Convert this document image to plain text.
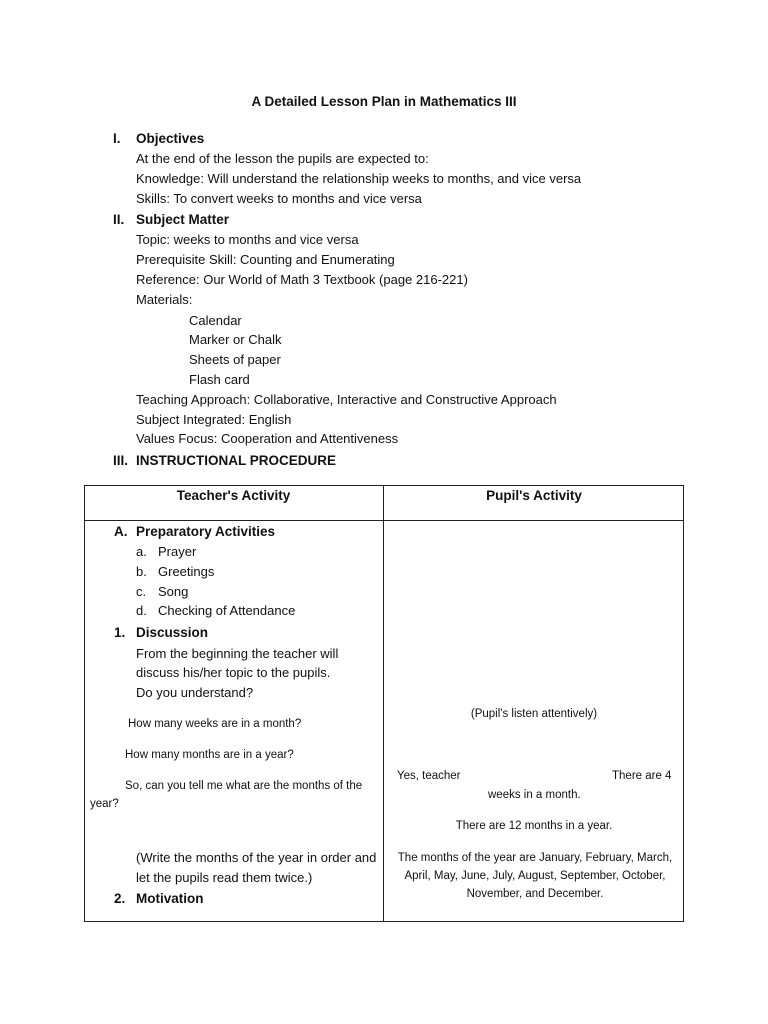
A Detailed Lesson Plan in Mathematics III
I. Objectives
At the end of the lesson the pupils are expected to:
Knowledge: Will understand the relationship weeks to months, and vice versa
Skills: To convert weeks to months and vice versa
II. Subject Matter
Topic: weeks to months and vice versa
Prerequisite Skill: Counting and Enumerating
Reference: Our World of Math 3 Textbook (page 216-221)
Materials:
Calendar
Marker or Chalk
Sheets of paper
Flash card
Teaching Approach: Collaborative, Interactive and Constructive Approach
Subject Integrated: English
Values Focus: Cooperation and Attentiveness
III. INSTRUCTIONAL PROCEDURE
Teacher's Activity	Pupil's Activity
A. Preparatory Activities
a. Prayer
b. Greetings
c. Song
d. Checking of Attendance
1. Discussion
From the beginning the teacher will
discuss his/her topic to the pupils.
Do you understand?
How many weeks are in a month?
How many months are in a year?
So, can you tell me what are the months of the
year?
(Write the months of the year in order and
let the pupils read them twice.)
2. Motivation
(Pupil's listen attentively)
Yes, teacher	There are 4
weeks in a month.
There are 12 months in a year.
The months of the year are January, February, March, April, May, June, July, August, September, October, November, and December.
